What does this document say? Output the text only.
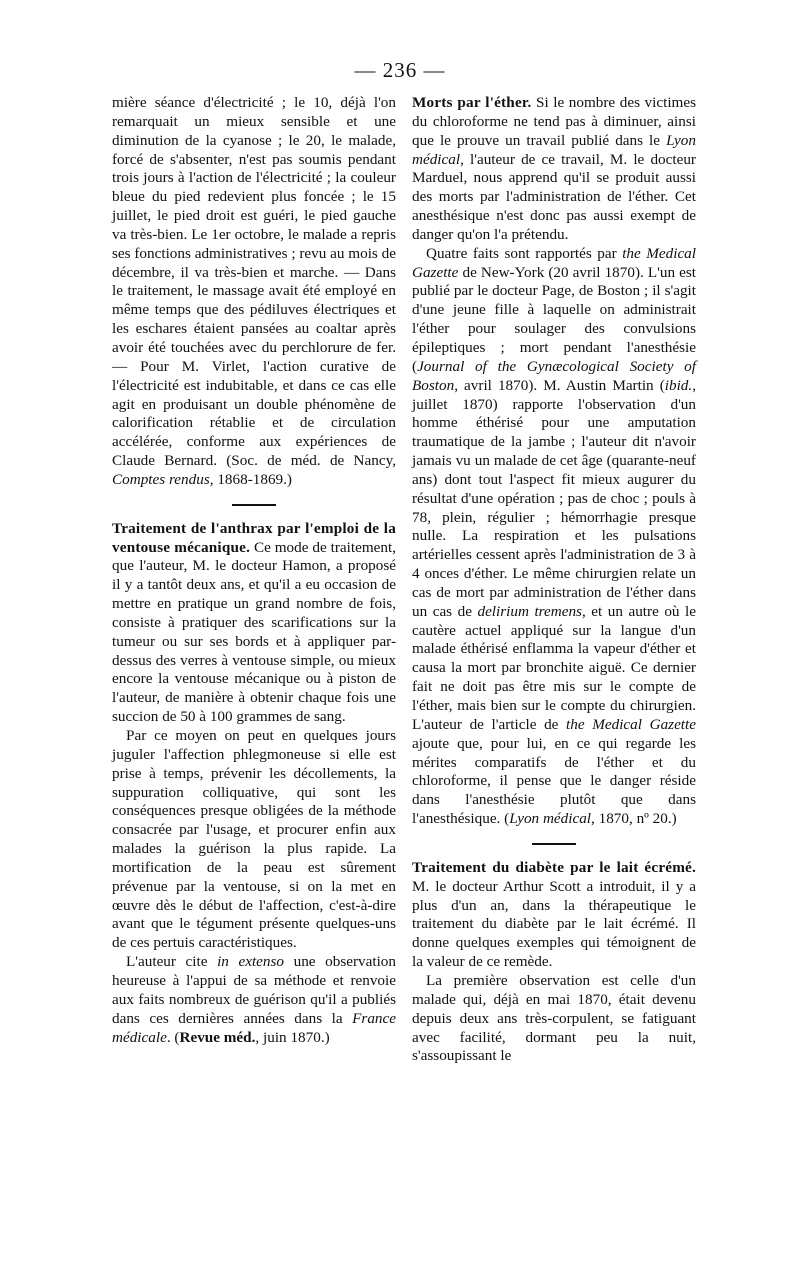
— 236 —

mière séance d'électricité ; le 10, déjà l'on remarquait un mieux sensible et une diminution de la cyanose ; le 20, le malade, forcé de s'absenter, n'est pas soumis pendant trois jours à l'action de l'électricité ; la couleur bleue du pied redevient plus foncée ; le 15 juillet, le pied droit est guéri, le pied gauche va très-bien. Le 1er octobre, le malade a repris ses fonctions administratives ; revu au mois de décembre, il va très-bien et marche. — Dans le traitement, le massage avait été employé en même temps que des pédiluves électriques et les eschares étaient pansées au coaltar après avoir été touchées avec du perchlorure de fer. — Pour M. Virlet, l'action curative de l'électricité est indubitable, et dans ce cas elle agit en produisant un double phénomène de calorification rétablie et de circulation accélérée, conforme aux expériences de Claude Bernard. (Soc. de méd. de Nancy, Comptes rendus, 1868-1869.)

Traitement de l'anthrax par l'emploi de la ventouse mécanique. Ce mode de traitement, que l'auteur, M. le docteur Hamon, a proposé il y a tantôt deux ans, et qu'il a eu occasion de mettre en pratique un grand nombre de fois, consiste à pratiquer des scarifications sur la tumeur ou sur ses bords et à appliquer par-dessus des verres à ventouse simple, ou mieux encore la ventouse mécanique ou à piston de l'auteur, de manière à obtenir chaque fois une succion de 50 à 100 grammes de sang.

Par ce moyen on peut en quelques jours juguler l'affection phlegmoneuse si elle est prise à temps, prévenir les décollements, la suppuration colliquative, qui sont les conséquences presque obligées de la méthode consacrée par l'usage, et procurer enfin aux malades la guérison la plus rapide. La mortification de la peau est sûrement prévenue par la ventouse, si on la met en œuvre dès le début de l'affection, c'est-à-dire avant que le tégument présente quelques-uns de ces pertuis caractéristiques.

L'auteur cite in extenso une observation heureuse à l'appui de sa méthode et renvoie aux faits nombreux de guérison qu'il a publiés dans ces dernières années dans la France médicale. (Revue méd., juin 1870.)

Morts par l'éther. Si le nombre des victimes du chloroforme ne tend pas à diminuer, ainsi que le prouve un travail publié dans le Lyon médical, l'auteur de ce travail, M. le docteur Marduel, nous apprend qu'il se produit aussi des morts par l'administration de l'éther. Cet anesthésique n'est donc pas aussi exempt de danger qu'on l'a prétendu.

Quatre faits sont rapportés par the Medical Gazette de New-York (20 avril 1870). L'un est publié par le docteur Page, de Boston ; il s'agit d'une jeune fille à laquelle on administrait l'éther pour soulager des convulsions épileptiques ; mort pendant l'anesthésie (Journal of the Gynæcological Society of Boston, avril 1870). M. Austin Martin (ibid., juillet 1870) rapporte l'observation d'un homme éthérisé pour une amputation traumatique de la jambe ; l'auteur dit n'avoir jamais vu un malade de cet âge (quarante-neuf ans) dont tout l'aspect fit mieux augurer du résultat d'une opération ; pas de choc ; pouls à 78, plein, régulier ; hémorrhagie presque nulle. La respiration et les pulsations artérielles cessent après l'administration de 3 à 4 onces d'éther. Le même chirurgien relate un cas de mort par administration de l'éther dans un cas de delirium tremens, et un autre où le cautère actuel appliqué sur la langue d'un malade éthérisé enflamma la vapeur d'éther et causa la mort par bronchite aiguë. Ce dernier fait ne doit pas être mis sur le compte de l'éther, mais bien sur le compte du chirurgien. L'auteur de l'article de the Medical Gazette ajoute que, pour lui, en ce qui regarde les mérites comparatifs de l'éther et du chloroforme, il pense que le danger réside dans l'anesthésie plutôt que dans l'anesthésique. (Lyon médical, 1870, nº 20.)

Traitement du diabète par le lait écrémé. M. le docteur Arthur Scott a introduit, il y a plus d'un an, dans la thérapeutique le traitement du diabète par le lait écrémé. Il donne quelques exemples qui témoignent de la valeur de ce remède.

La première observation est celle d'un malade qui, déjà en mai 1870, était devenu depuis deux ans très-corpulent, se fatiguant avec facilité, dormant peu la nuit, s'assoupissant le
